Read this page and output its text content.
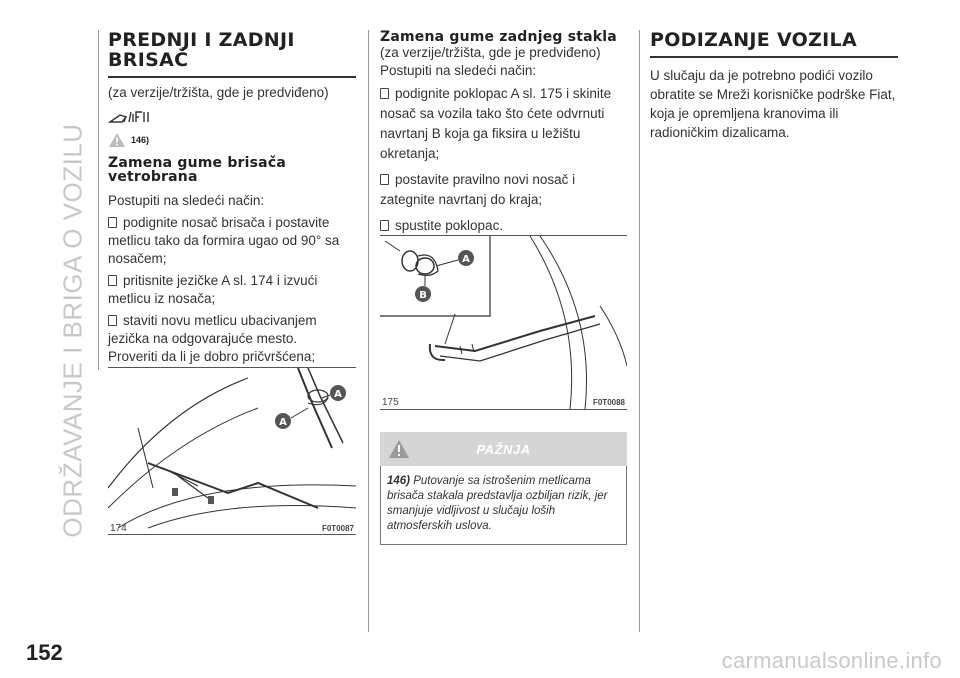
ODRŽAVANJE I BRIGA O VOZILU
152	carmanualsonline.info
PREDNJI I ZADNJI BRISAČ
(za verzije/tržišta, gde je predviđeno)
146)
Zamena gume brisača vetrobrana
Postupiti na sledeći način:
podignite nosač brisača i postavite metlicu tako da formira ugao od 90° sa nosačem;
pritisnite jezičke A sl. 174 i izvući metlicu iz nosača;
staviti novu metlicu ubacivanjem jezička na odgovarajuće mesto.
Proveriti da li je dobro pričvršćena;
A
A
174	F0T0087
Zamena gume zadnjeg stakla
(za verzije/tržišta, gde je predviđeno)
Postupiti na sledeći način:
podignite poklopac A sl. 175 i skinite nosač sa vozila tako što ćete odvrnuti navrtanj B koja ga fiksira u ležištu okretanja;
postavite pravilno novi nosač i zategnite navrtanj do kraja;
spustite poklopac.
A
B
175	F0T0088
PAŽNJA
146) Putovanje sa istrošenim metlicama brisača stakala predstavlja ozbiljan rizik, jer smanjuje vidljivost u slučaju loših atmosferskih uslova.
PODIZANJE VOZILA
U slučaju da je potrebno podići vozilo obratite se Mreži korisničke podrške Fiat, koja je opremljena kranovima ili radioničkim dizalicama.
